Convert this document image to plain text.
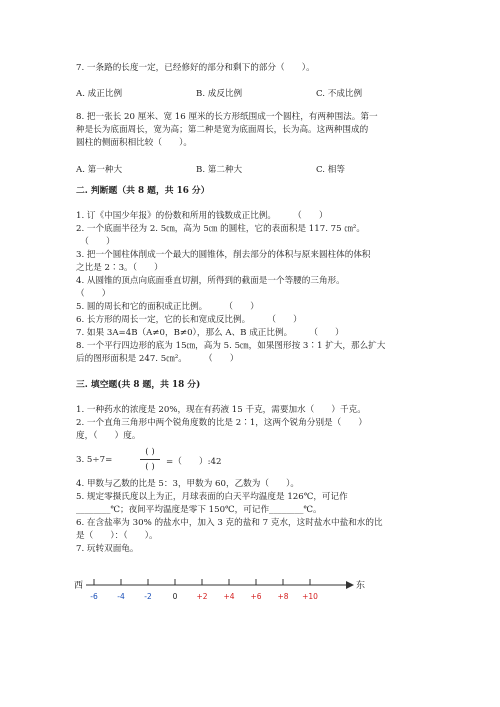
7. 一条路的长度一定，已经修好的部分和剩下的部分（　　）。
A. 成正比例	B. 成反比例	C. 不成比例
8. 把一张长 20 厘米、宽 16 厘米的长方形纸围成一个圆柱，有两种围法。第一
种是长为底面周长，宽为高；第二种是宽为底面周长，长为高。这两种围成的
圆柱的侧面积相比较（　　）。
A. 第一种大	B. 第二种大	C. 相等
二. 判断题（共 8 题，共 16 分）
1. 订《中国少年报》的份数和所用的钱数成正比例。　　　（　　）
2. 一个底面半径为 2. 5㎝，高为 5㎝ 的圆柱，它的表面积是 117. 75 ㎝²。
　（　　）
3. 把一个圆柱体削成一个最大的圆锥体，削去部分的体积与原来圆柱体的体积
之比是 2∶3。（　　）
4. 从圆锥的顶点向底面垂直切割，所得到的截面是一个等腰的三角形。
（　　）
5. 圆的周长和它的面积成正比例。　　　（　　）
6. 长方形的周长一定，它的长和宽成反比例。　　　（　　）
7. 如果 3A=4B（A≠0，B≠0），那么 A、B 成正比例。　　　（　　）
8. 一个平行四边形的底为 15㎝，高为 5. 5㎝，如果图形按 3∶1 扩大，那么扩大
后的图形面积是 247. 5㎝²。　　　（　　）
三. 填空题(共 8 题，共 18 分)
1. 一种药水的浓度是 20%，现在有药液 15 千克，需要加水（　　）千克。
2. 一个直角三角形中两个锐角度数的比是 2∶1，这两个锐角分别是（　　）
度，（　　）度。
3. 5÷7=
( )
( )	=（　　）:42
4. 甲数与乙数的比是 5：3，甲数为 60，乙数为（　　）。
5. 规定零摄氏度以上为正，月球表面的白天平均温度是 126℃，可记作
________℃；夜间平均温度是零下 150℃，可记作________℃。
6. 在含盐率为 30% 的盐水中，加入 3 克的盐和 7 克水，这时盐水中盐和水的比
是（　　）：（　　）。
7. 玩转双面龟。
西	东
-6	-4	-2	0	+2 +4 +6 +8 +10
